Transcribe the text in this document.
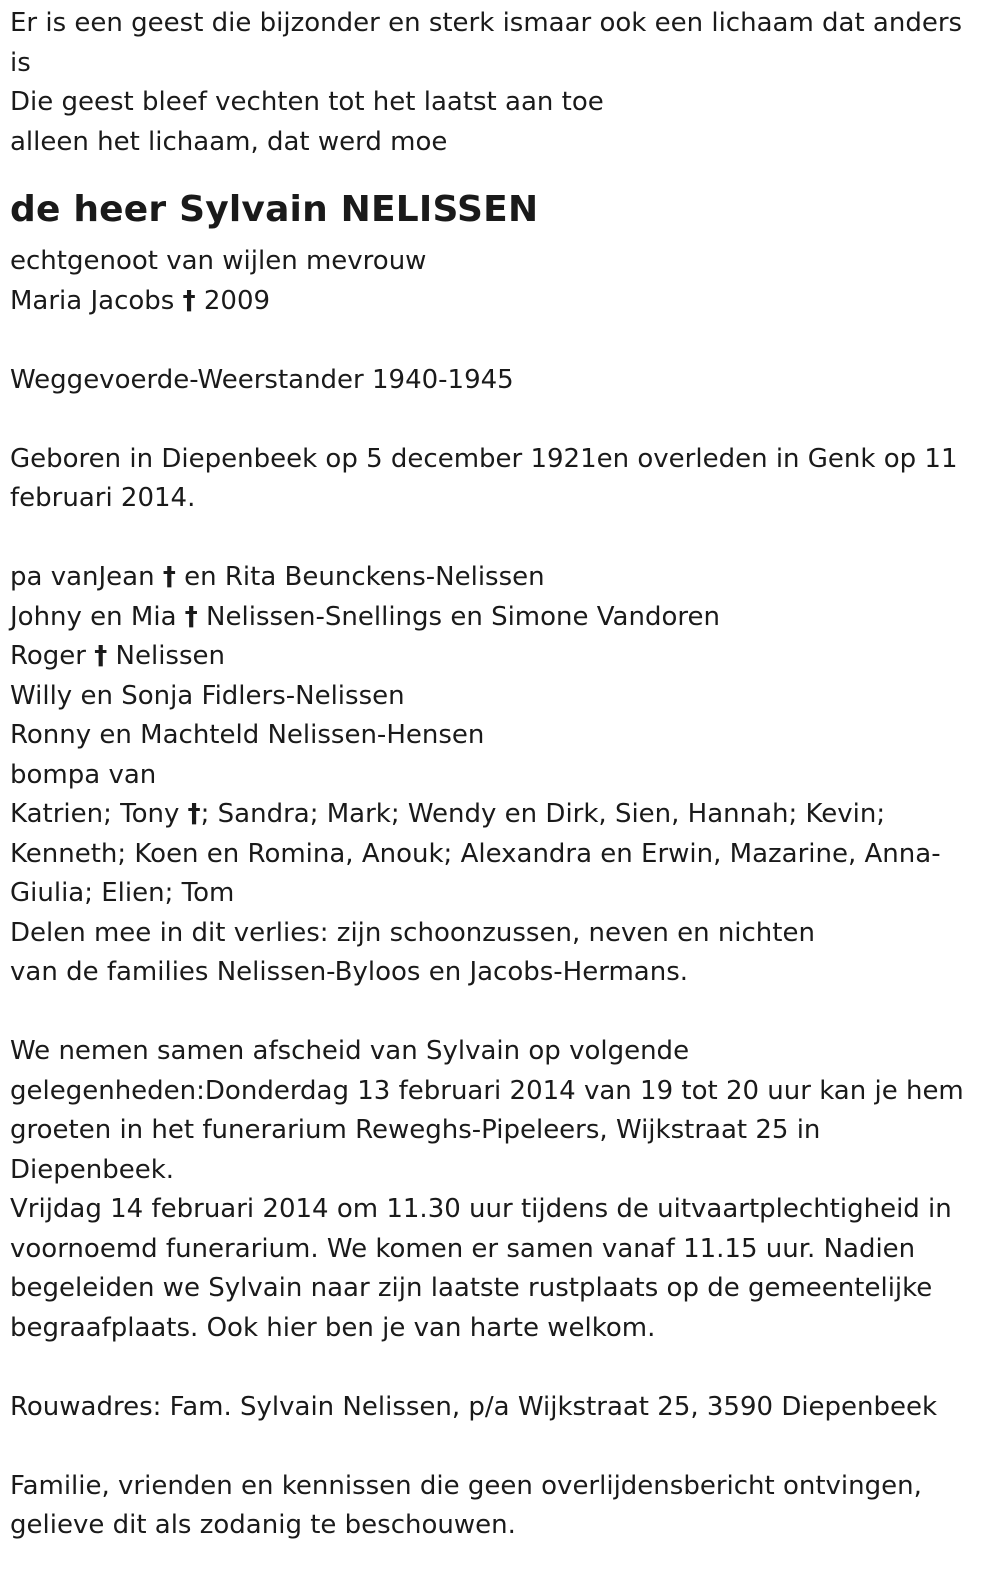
Er is een geest die bijzonder en sterk ismaar ook een lichaam dat anders is

Die geest bleef vechten tot het laatst aan toe

alleen het lichaam, dat werd moe

de heer Sylvain NELISSEN

echtgenoot van wijlen mevrouw

Maria Jacobs † 2009

Weggevoerde-Weerstander 1940-1945

Geboren in Diepenbeek op 5 december 1921en overleden in Genk op 11 februari 2014.

pa vanJean † en Rita Beunckens-Nelissen

Johny en Mia † Nelissen-Snellings en Simone Vandoren

Roger † Nelissen

Willy en Sonja Fidlers-Nelissen

Ronny en Machteld Nelissen-Hensen

bompa van

Katrien; Tony †; Sandra; Mark; Wendy en Dirk, Sien, Hannah; Kevin; Kenneth; Koen en Romina, Anouk; Alexandra en Erwin, Mazarine, Anna-Giulia; Elien; Tom

Delen mee in dit verlies: zijn schoonzussen, neven en nichten

van de families Nelissen-Byloos en Jacobs-Hermans.

We nemen samen afscheid van Sylvain op volgende gelegenheden:Donderdag 13 februari 2014 van 19 tot 20 uur kan je hem groeten in het funerarium Reweghs-Pipeleers, Wijkstraat 25 in Diepenbeek.

Vrijdag 14 februari 2014 om 11.30 uur tijdens de uitvaartplechtigheid in voornoemd funerarium. We komen er samen vanaf 11.15 uur. Nadien begeleiden we Sylvain naar zijn laatste rustplaats op de gemeentelijke begraafplaats. Ook hier ben je van harte welkom.

Rouwadres: Fam. Sylvain Nelissen, p/a Wijkstraat 25, 3590 Diepenbeek

Familie, vrienden en kennissen die geen overlijdensbericht ontvingen, gelieve dit als zodanig te beschouwen.
